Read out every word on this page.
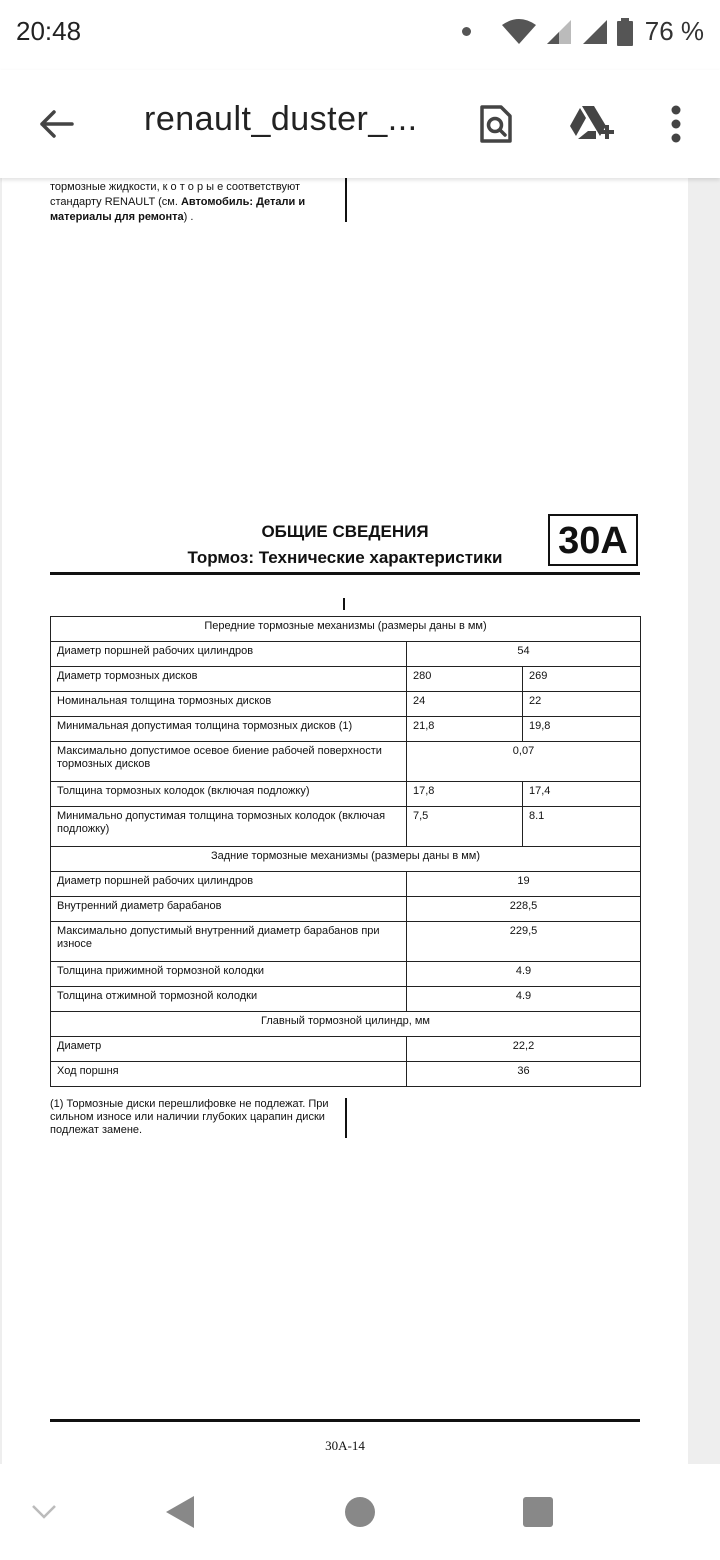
20:48	76 %
renault_duster_...
тормозные жидкости, к о т о р ы е соответствуют
стандарту RENAULT (см. Автомобиль: Детали и материалы для ремонта) .
ОБЩИЕ СВЕДЕНИЯ
Тормоз: Технические характеристики	30A
Передние тормозные механизмы (размеры даны в мм)		
Диаметр поршней рабочих цилиндров	54	
Диаметр тормозных дисков	280	269
Номинальная толщина тормозных дисков	24	22
Минимальная допустимая толщина тормозных дисков (1)	21,8	19,8
Максимально допустимое осевое биение рабочей поверхности тормозных дисков	0,07	
Толщина тормозных колодок (включая подложку)	17,8	17,4
Минимально допустимая толщина тормозных колодок (включая подложку)	7,5	8.1
Задние тормозные механизмы (размеры даны в мм)		
Диаметр поршней рабочих цилиндров	19	
Внутренний диаметр барабанов	228,5	
Максимально допустимый внутренний диаметр барабанов при износе	229,5	
Толщина прижимной тормозной колодки	4.9	
Толщина отжимной тормозной колодки	4.9	
Главный тормозной цилиндр, мм		
Диаметр	22,2	
Ход поршня	36	
(1) Тормозные диски перешлифовке не подлежат. При сильном износе или наличии глубоких царапин диски подлежат замене.
30A-14
